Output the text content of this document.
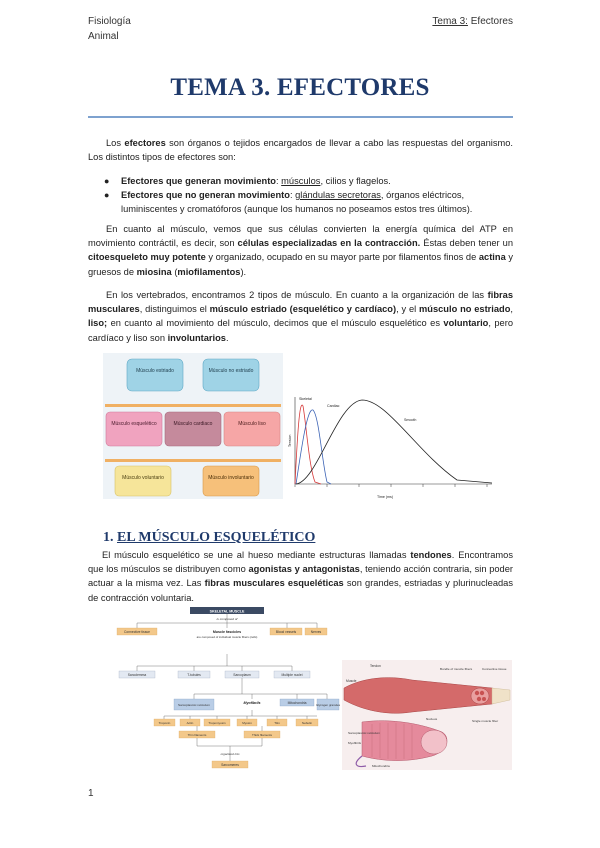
Fisiología
Animal
Tema 3: Efectores
TEMA 3. EFECTORES
Los efectores son órganos o tejidos encargados de llevar a cabo las respuestas del organismo. Los distintos tipos de efectores son:
● Efectores que generan movimiento: músculos, cilios y flagelos.
● Efectores que no generan movimiento: glándulas secretoras, órganos eléctricos, luminiscentes y cromatóforos (aunque los humanos no poseamos estos tres últimos).
En cuanto al músculo, vemos que sus células convierten la energía química del ATP en movimiento contráctil, es decir, son células especializadas en la contracción. Éstas deben tener un citoesqueleto muy potente y organizado, ocupado en su mayor parte por filamentos finos de actina y gruesos de miosina (miofilamentos).
En los vertebrados, encontramos 2 tipos de músculo. En cuanto a la organización de las fibras musculares, distinguimos el músculo estriado (esquelético y cardíaco), y el músculo no estriado, liso; en cuanto al movimiento del músculo, decimos que el músculo esquelético es voluntario, pero cardíaco y liso son involuntarios.
Músculo estriado	Músculo no estriado
Músculo esquelético	Músculo cardiaco	Músculo liso
Músculo voluntario	Músculo involuntario
Skeletal
Cardiac
Smooth
Time (ms)
Tension
1. EL MÚSCULO ESQUELÉTICO
El músculo esquelético se une al hueso mediante estructuras llamadas tendones. Encontramos que los músculos se distribuyen como agonistas y antagonistas, teniendo acción contraria, sin poder actuar a la misma vez. Las fibras musculares esqueléticas son grandes, estriadas y plurinucleadas de contracción voluntaria.
SKELETAL MUSCLE
is composed of
Connective tissue	Muscle fascicles
are composed of individual muscle fibers (cells)
Blood vessels	Nerves
Sarcolemma	T-tubules	Sarcoplasm	Multiple nuclei
Sarcoplasmic reticulum	Myofibrils	Mitochondria	Glycogen granules
Troponin	Actin	Tropomyosin	Myosin	Titin	Nebulin
Thin filaments	Thick filaments
organized into
Sarcomeres
Tendon
Muscle
Bundle of muscle fibers	Connective tissue
Single muscle fiber
Nucleus
Sarcoplasmic reticulum
Myofibrils
Mitochondria
1
